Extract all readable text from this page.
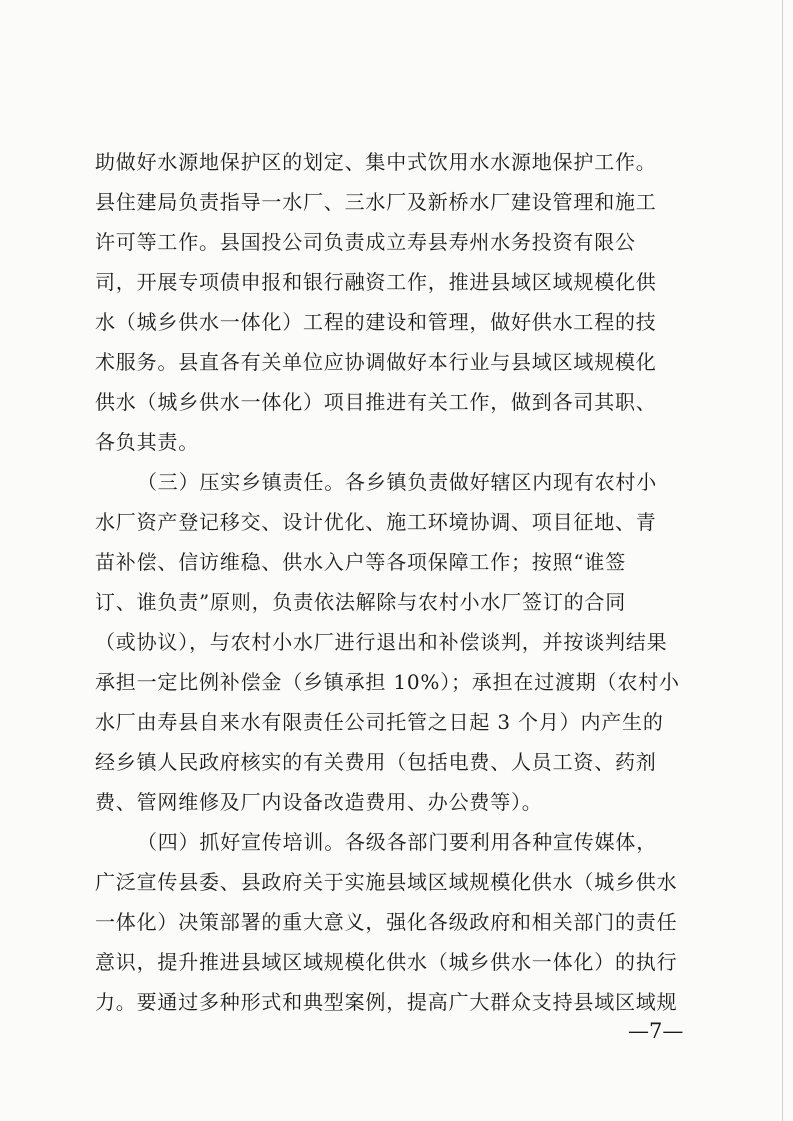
助做好水源地保护区的划定、集中式饮用水水源地保护工作。
县住建局负责指导一水厂、三水厂及新桥水厂建设管理和施工
许可等工作。县国投公司负责成立寿县寿州水务投资有限公
司，开展专项债申报和银行融资工作，推进县域区域规模化供
水（城乡供水一体化）工程的建设和管理，做好供水工程的技
术服务。县直各有关单位应协调做好本行业与县域区域规模化
供水（城乡供水一体化）项目推进有关工作，做到各司其职、
各负其责。
（三）压实乡镇责任。各乡镇负责做好辖区内现有农村小
水厂资产登记移交、设计优化、施工环境协调、项目征地、青
苗补偿、信访维稳、供水入户等各项保障工作；按照“谁签
订、谁负责”原则，负责依法解除与农村小水厂签订的合同
（或协议），与农村小水厂进行退出和补偿谈判，并按谈判结果
承担一定比例补偿金（乡镇承担 10%）；承担在过渡期（农村小
水厂由寿县自来水有限责任公司托管之日起 3 个月）内产生的
经乡镇人民政府核实的有关费用（包括电费、人员工资、药剂
费、管网维修及厂内设备改造费用、办公费等）。
（四）抓好宣传培训。各级各部门要利用各种宣传媒体，
广泛宣传县委、县政府关于实施县域区域规模化供水（城乡供水
一体化）决策部署的重大意义，强化各级政府和相关部门的责任
意识，提升推进县域区域规模化供水（城乡供水一体化）的执行
力。要通过多种形式和典型案例，提高广大群众支持县域区域规
—7—
